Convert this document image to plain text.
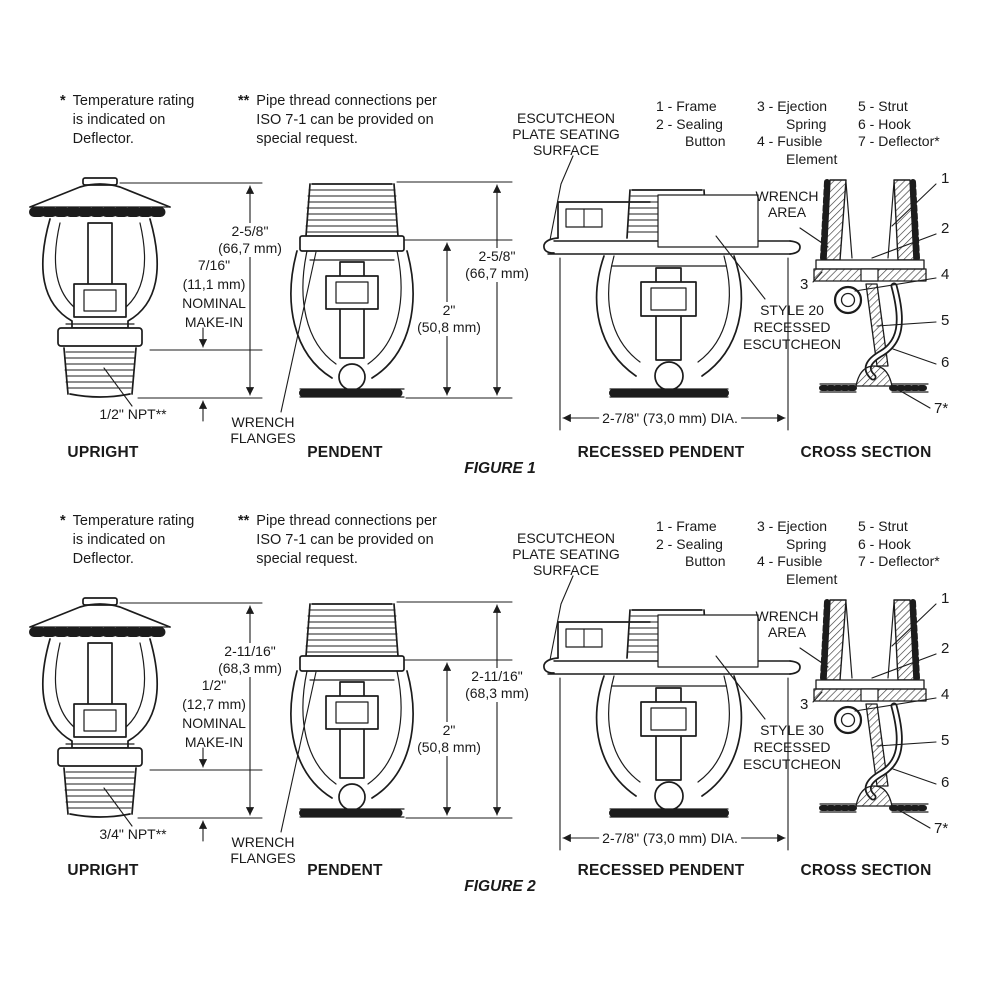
* Temperature rating
is indicated on
Deflector.
** Pipe thread connections per
ISO 7-1 can be provided on
special request.
ESCUTCHEON
PLATE SEATING
SURFACE
1 - Frame
2 - Sealing
Button
3 - Ejection
Spring
4 - Fusible
Element
5 - Strut
6 - Hook
7 - Deflector*
2-5/8"
(66,7 mm)
7/16"
(11,1 mm)
NOMINAL
MAKE-IN
1/2" NPT**
2-5/8"
(66,7 mm)
2"
(50,8 mm)
WRENCH
FLANGES
WRENCH
AREA
STYLE 20
RECESSED
ESCUTCHEON
2-7/8" (73,0 mm) DIA.
1
2
3
4
5
6
7*
UPRIGHT	PENDENT	RECESSED PENDENT	CROSS SECTION
FIGURE 1
* Temperature rating
is indicated on
Deflector.
** Pipe thread connections per
ISO 7-1 can be provided on
special request.
ESCUTCHEON
PLATE SEATING
SURFACE
1 - Frame
2 - Sealing
Button
3 - Ejection
Spring
4 - Fusible
Element
5 - Strut
6 - Hook
7 - Deflector*
2-11/16"
(68,3 mm)
1/2"
(12,7 mm)
NOMINAL
MAKE-IN
3/4" NPT**
2-11/16"
(68,3 mm)
2"
(50,8 mm)
WRENCH
FLANGES
WRENCH
AREA
STYLE 30
RECESSED
ESCUTCHEON
2-7/8" (73,0 mm) DIA.
1
2
3
4
5
6
7*
UPRIGHT	PENDENT	RECESSED PENDENT	CROSS SECTION
FIGURE 2
